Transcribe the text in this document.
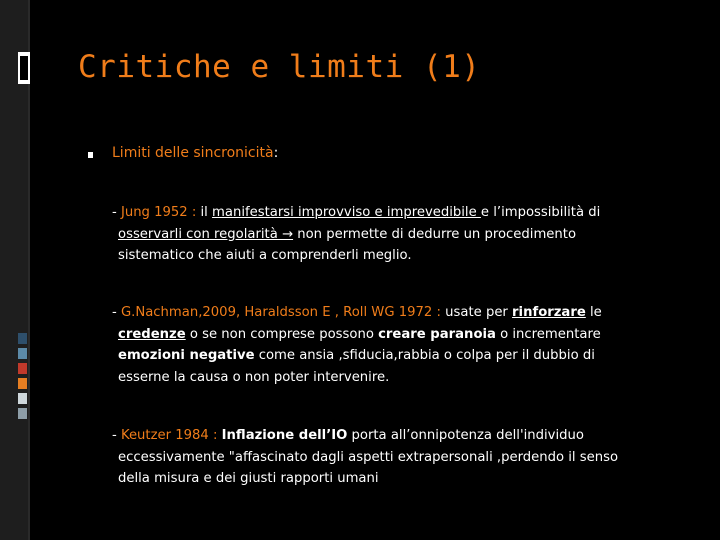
Critiche e limiti (1)
Limiti delle sincronicità:
- Jung 1952 : il manifestarsi improvviso e imprevedibile e l’impossibilità di
osservarli con regolarità → non permette di dedurre un procedimento
sistematico che aiuti a comprenderli meglio.
- G.Nachman,2009, Haraldsson E , Roll WG 1972 : usate per rinforzare le
credenze o se non comprese possono creare paranoia o incrementare
emozioni negative come ansia ,sfiducia,rabbia o colpa per il dubbio di
esserne la causa o non poter intervenire.
- Keutzer 1984 : Inflazione dell’IO porta all’onnipotenza dell'individuo
eccessivamente "affascinato dagli aspetti extrapersonali ,perdendo il senso
della misura e dei giusti rapporti umani
